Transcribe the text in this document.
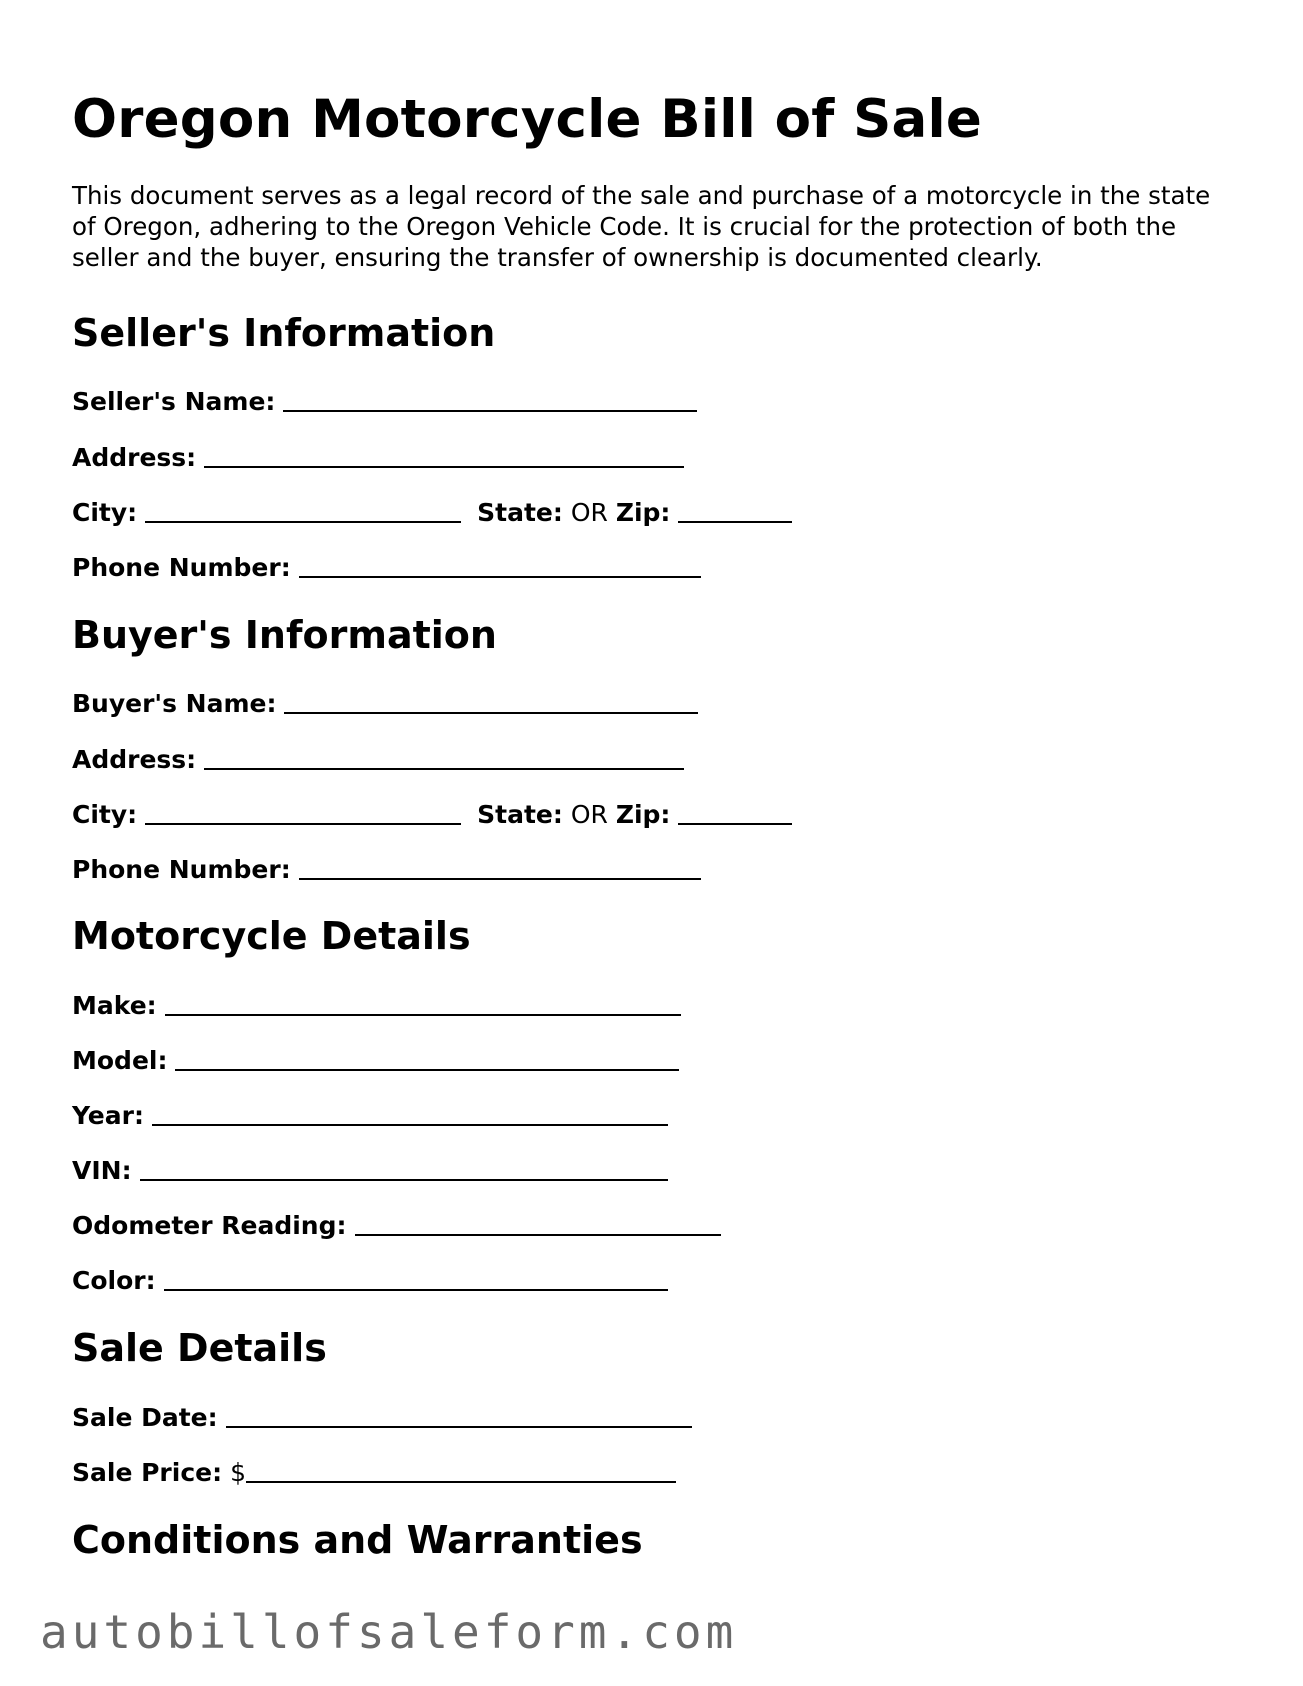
Oregon Motorcycle Bill of Sale

This document serves as a legal record of the sale and purchase of a motorcycle in the state of Oregon, adhering to the Oregon Vehicle Code. It is crucial for the protection of both the seller and the buyer, ensuring the transfer of ownership is documented clearly.

Seller's Information
Seller's Name:
Address:
City:	State: OR Zip:
Phone Number:
Buyer's Information
Buyer's Name:
Address:
City:	State: OR Zip:
Phone Number:
Motorcycle Details
Make:
Model:
Year:
VIN:
Odometer Reading:
Color:
Sale Details
Sale Date:
Sale Price: $
Conditions and Warranties
autobillofsaleform.com
